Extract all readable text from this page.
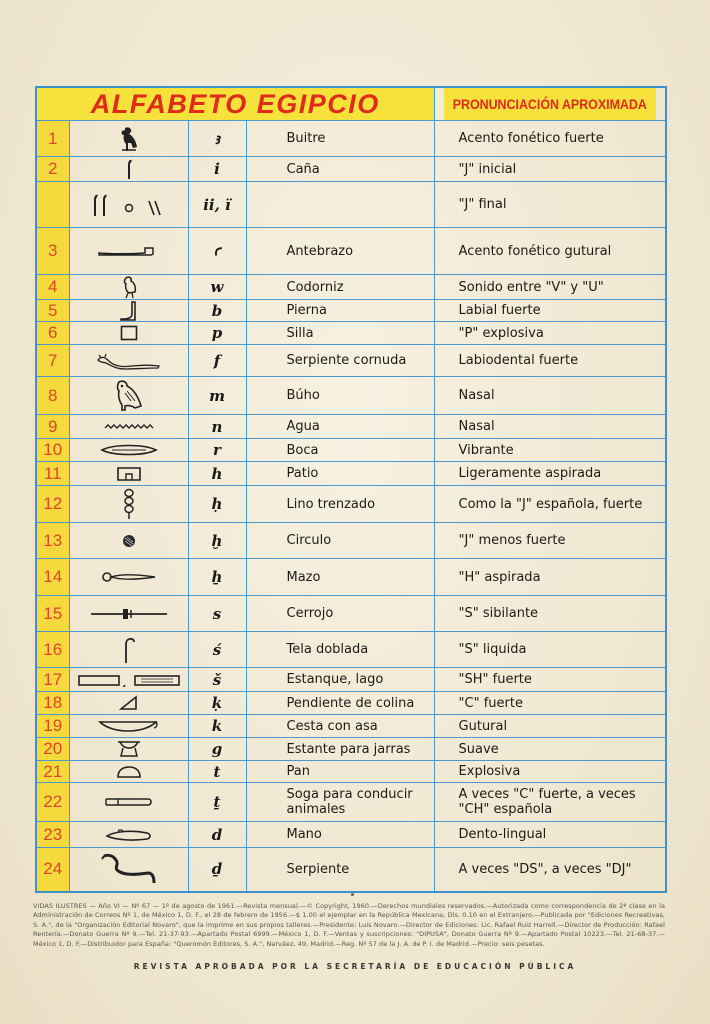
ALFABETO EGIPCIO				PRONUNCIACIÓN APROXIMADA
1		ꜣ	Buitre	Acento fonético fuerte
2		i	Caña	"J" inicial
		ii, ï		"J" final
3		ꜥ	Antebrazo	Acento fonético gutural
4		w	Codorniz	Sonido entre "V" y "U"
5		b	Pierna	Labial fuerte
6		p	Silla	"P" explosiva
7		f	Serpiente cornuda	Labiodental fuerte
8		m	Búho	Nasal
9		n	Agua	Nasal
10		r	Boca	Vibrante
11		h	Patio	Ligeramente aspirada
12		ḥ	Lino trenzado	Como la "J" española, fuerte
13		ḫ	Circulo	"J" menos fuerte
14		ẖ	Mazo	"H" aspirada
15		s	Cerrojo	"S" sibilante
16		ś	Tela doblada	"S" liquida
17		š	Estanque, lago	"SH" fuerte
18		ḳ	Pendiente de colina	"C" fuerte
19		k	Cesta con asa	Gutural
20		g	Estante para jarras	Suave
21		t	Pan	Explosiva
22		ṯ	Soga para conducir animales	A veces "C" fuerte, a veces "CH" española
23		d	Mano	Dento-lingual
24		ḏ	Serpiente	A veces "DS", a veces "DJ"
VIDAS ILUSTRES — Año VI — Nº 67 — 1º de agosto de 1961.—Revista mensual.—© Copyright, 1960.—Derechos mundiales reservados.—Autorizada como correspondencia de 2ª clase en la Administración de Correos Nº 1, de México 1, D. F., el 28 de febrero de 1956.—$ 1.00 el ejemplar en la República Mexicana, Dls. 0.10 en el Extranjero.—Publicada por "Ediciones Recreativas, S. A.", de la "Organización Editorial Novaro", que la imprime en sus propios talleres.—Presidente: Luis Novaro.—Director de Ediciones: Lic. Rafael Ruiz Harrell.—Director de Producción: Rafael Rentería.—Donato Guerra Nº 9.—Tel. 21-37-93.—Apartado Postal 6999.—México 1, D. F.—Ventas y suscripciones: "DIPUSA", Donato Guerra Nº 9.—Apartado Postal 10223.—Tel. 21-68-37.—México 1, D. F.—Distribuidor para España: "Queromón Editores, S. A.", Narváez, 49, Madrid.—Reg. Nº 57 de la J. A. de P. I. de Madrid.—Precio: seis pesetas.
REVISTA APROBADA POR LA SECRETARÍA DE EDUCACIÓN PÚBLICA
